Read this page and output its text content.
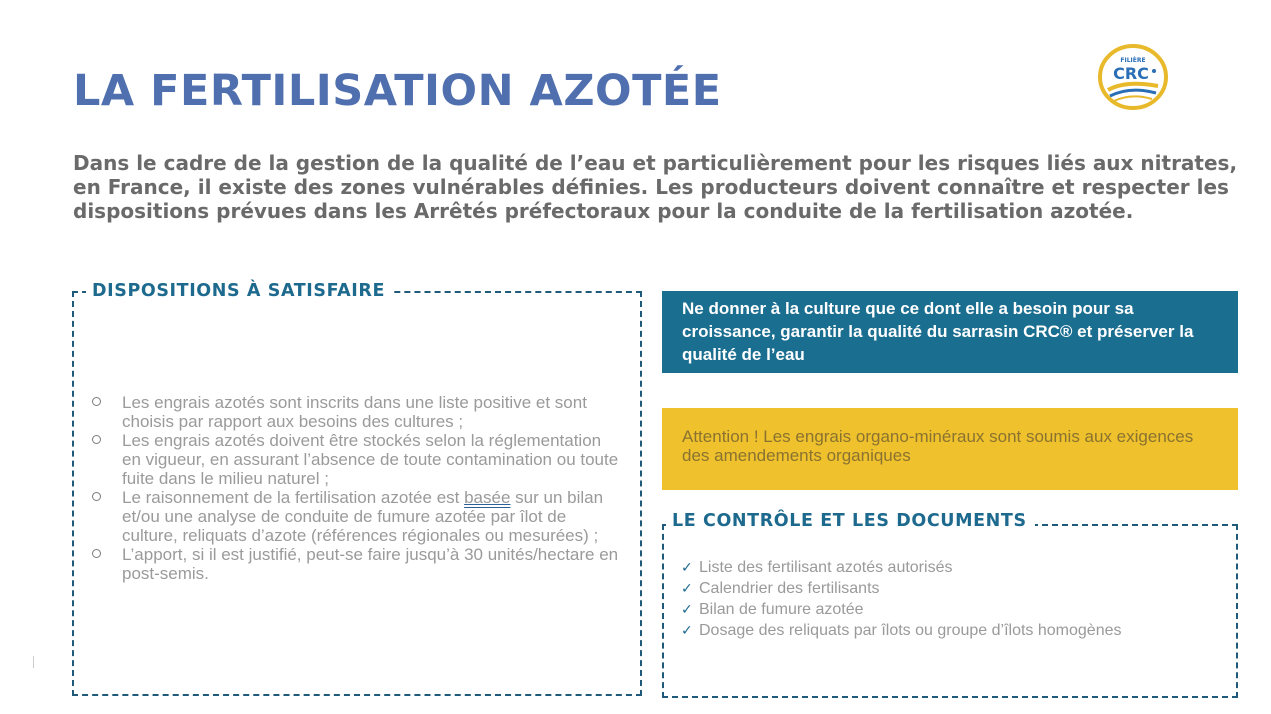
LA FERTILISATION AZOTÉE
FILIÈRE
CRC

Dans le cadre de la gestion de la qualité de l’eau et particulièrement pour les risques liés aux nitrates, en France, il existe des zones vulnérables définies. Les producteurs doivent connaître et respecter les dispositions prévues dans les Arrêtés préfectoraux pour la conduite de la fertilisation azotée.

DISPOSITIONS À SATISFAIRE
Les engrais azotés sont inscrits dans une liste positive et sont choisis par rapport aux besoins des cultures ;
Les engrais azotés doivent être stockés selon la réglementation en vigueur, en assurant l’absence de toute contamination ou toute fuite dans le milieu naturel ;
Le raisonnement de la fertilisation azotée est basée sur un bilan et/ou une analyse de conduite de fumure azotée par îlot de culture, reliquats d’azote (références régionales ou mesurées) ;
L’apport, si il est justifié, peut-se faire jusqu’à 30 unités/hectare en post-semis.
Ne donner à la culture que ce dont elle a besoin pour sa croissance, garantir la qualité du sarrasin CRC® et préserver la qualité de l’eau
Attention ! Les engrais organo-minéraux sont soumis aux exigences des amendements organiques
LE CONTRÔLE ET LES DOCUMENTS
✓ Liste des fertilisant azotés autorisés
✓ Calendrier des fertilisants
✓ Bilan de fumure azotée
✓ Dosage des reliquats par îlots ou groupe d’îlots homogènes
